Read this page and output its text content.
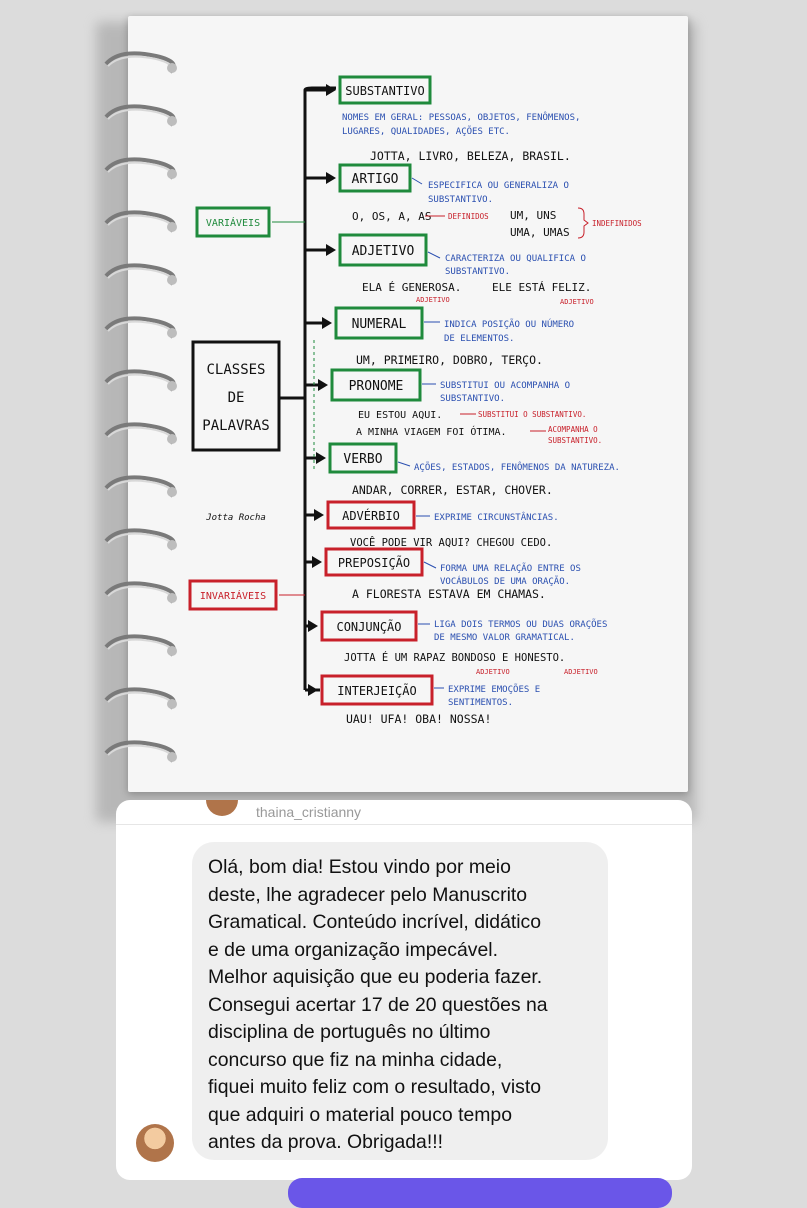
CLASSES
DE
PALAVRAS
VARIÁVEIS
INVARIÁVEIS
Jotta Rocha
SUBSTANTIVO
NOMES EM GERAL: PESSOAS, OBJETOS, FENÔMENOS,
LUGARES, QUALIDADES, AÇÕES ETC.
JOTTA, LIVRO, BELEZA, BRASIL.
ARTIGO	ESPECIFICA OU GENERALIZA O
SUBSTANTIVO.
O, OS, A, AS DEFINIDOS UM, UNS
UMA, UMAS
INDEFINIDOS
ADJETIVO	CARACTERIZA OU QUALIFICA O
SUBSTANTIVO.
ELA É GENEROSA.	ELE ESTÁ FELIZ.
ADJETIVO	ADJETIVO
NUMERAL	INDICA POSIÇÃO OU NÚMERO
DE ELEMENTOS.
UM, PRIMEIRO, DOBRO, TERÇO.
PRONOME	SUBSTITUI OU ACOMPANHA O
SUBSTANTIVO.
EU ESTOU AQUI.	SUBSTITUI O SUBSTANTIVO.
A MINHA VIAGEM FOI ÓTIMA.	ACOMPANHA O
SUBSTANTIVO.
VERBO
AÇÕES, ESTADOS, FENÔMENOS DA NATUREZA.
ANDAR, CORRER, ESTAR, CHOVER.
ADVÉRBIO	EXPRIME CIRCUNSTÂNCIAS.
VOCÊ PODE VIR AQUI? CHEGOU CEDO.
PREPOSIÇÃO	FORMA UMA RELAÇÃO ENTRE OS
VOCÁBULOS DE UMA ORAÇÃO.
A FLORESTA ESTAVA EM CHAMAS.
CONJUNÇÃO	LIGA DOIS TERMOS OU DUAS ORAÇÕES
DE MESMO VALOR GRAMATICAL.
JOTTA É UM RAPAZ BONDOSO E HONESTO.
ADJETIVO	ADJETIVO
INTERJEIÇÃO	EXPRIME EMOÇÕES E
SENTIMENTOS.
UAU! UFA! OBA! NOSSA!
thaina_cristianny
Olá, bom dia! Estou vindo por meio
deste, lhe agradecer pelo Manuscrito
Gramatical. Conteúdo incrível, didático
e de uma organização impecável.
Melhor aquisição que eu poderia fazer.
Consegui acertar 17 de 20 questões na
disciplina de português no último
concurso que fiz na minha cidade,
fiquei muito feliz com o resultado, visto
que adquiri o material pouco tempo
antes da prova. Obrigada!!!
